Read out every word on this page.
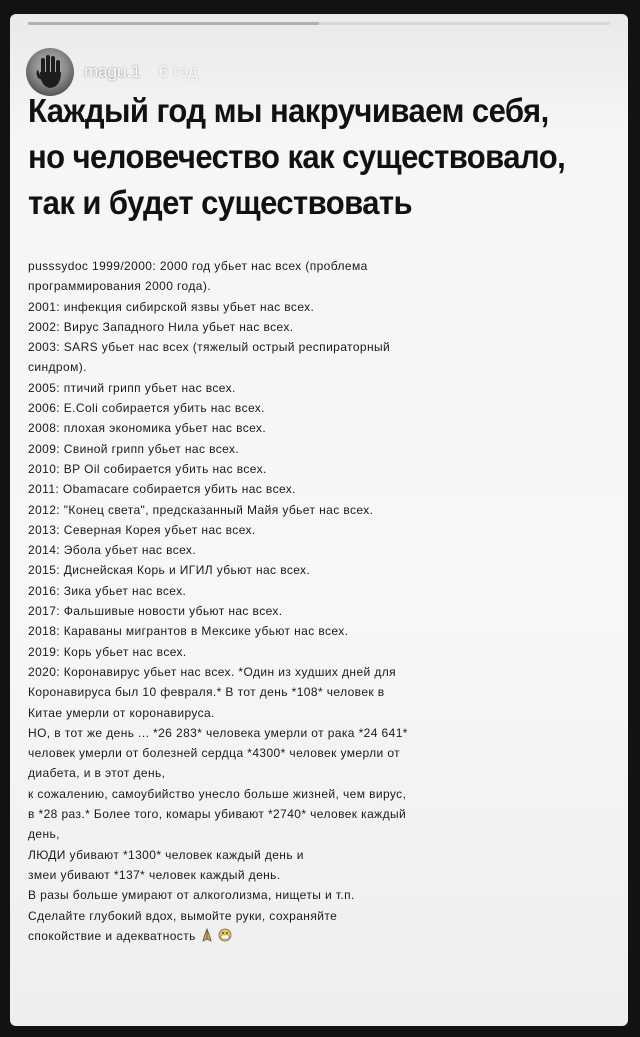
magu.1 6 год
Каждый год мы накручиваем себя, но человечество как существовало, так и будет существовать
pusssydoc 1999/2000: 2000 год убьет нас всех (проблема
программирования 2000 года).
2001: инфекция сибирской язвы убьет нас всех.
2002: Вирус Западного Нила убьет нас всех.
2003: SARS убьет нас всех (тяжелый острый респираторный
синдром).
2005: птичий грипп убьет нас всех.
2006: E.Coli собирается убить нас всех.
2008: плохая экономика убьет нас всех.
2009: Свиной грипп убьет нас всех.
2010: BP Oil собирается убить нас всех.
2011: Obamacare собирается убить нас всех.
2012: "Конец света", предсказанный Майя убьет нас всех.
2013: Северная Корея убьет нас всех.
2014: Эбола убьет нас всех.
2015: Диснейская Корь и ИГИЛ убьют нас всех.
2016: Зика убьет нас всех.
2017: Фальшивые новости убьют нас всех.
2018: Караваны мигрантов в Мексике убьют нас всех.
2019: Корь убьет нас всех.
2020: Коронавирус убьет нас всех. *Один из худших дней для
Коронавируса был 10 февраля.* В тот день *108* человек в
Китае умерли от коронавируса.
НО, в тот же день ... *26 283* человека умерли от рака *24 641*
человек умерли от болезней сердца *4300* человек умерли от
диабета, и в этот день,
к сожалению, самоубийство унесло больше жизней, чем вирус,
в *28 раз.* Более того, комары убивают *2740* человек каждый
день,
ЛЮДИ убивают *1300* человек каждый день и
змеи убивают *137* человек каждый день.
В разы больше умирают от алкоголизма, нищеты и т.п.
Сделайте глубокий вдох, вымойте руки, сохраняйте
спокойствие и адекватность
